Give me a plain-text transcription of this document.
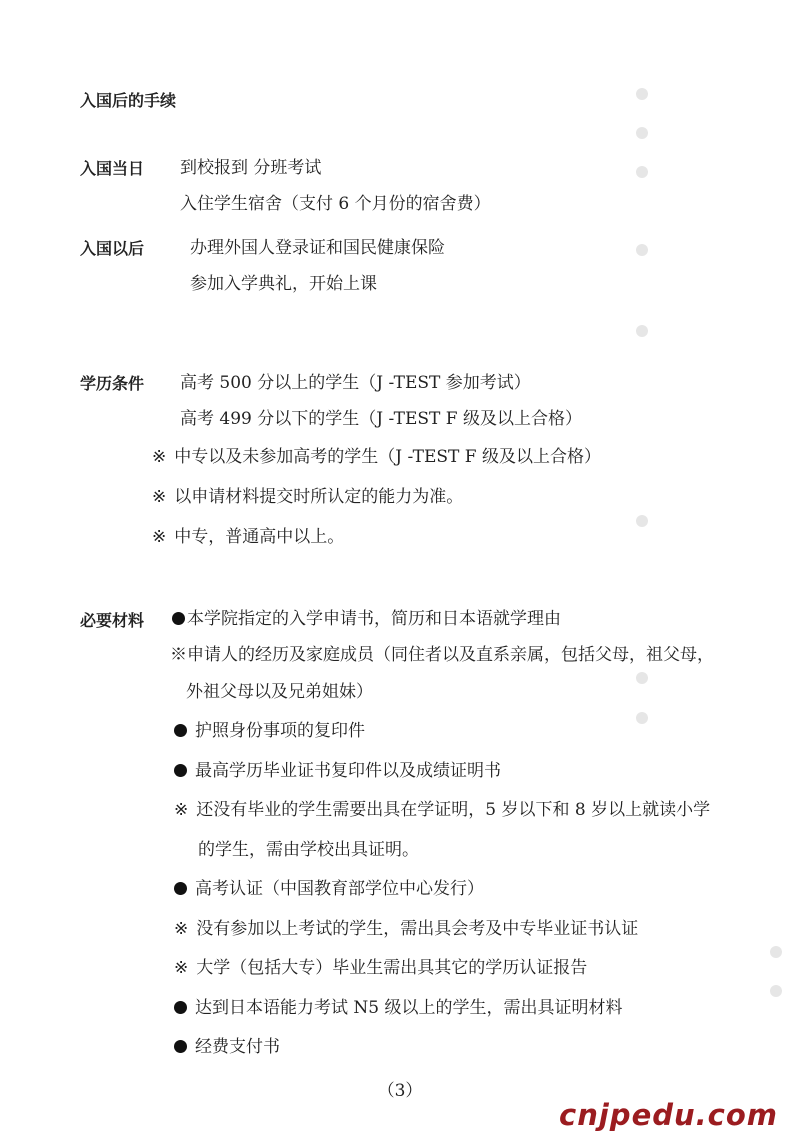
入国后的手续
入国当日 到校报到 分班考试
入住学生宿舍（支付 6 个月份的宿舍费）
入国以后	办理外国人登录证和国民健康保险
参加入学典礼，开始上课
学历条件 高考 500 分以上的学生（J -TEST 参加考试）
高考 499 分以下的学生（J -TEST F 级及以上合格）
※ 中专以及未参加高考的学生（J -TEST F 级及以上合格）
※ 以申请材料提交时所认定的能力为准。
※ 中专，普通高中以上。
必要材料	本学院指定的入学申请书，简历和日本语就学理由
※申请人的经历及家庭成员（同住者以及直系亲属，包括父母，祖父母，
外祖父母以及兄弟姐妹）
护照身份事项的复印件
最高学历毕业证书复印件以及成绩证明书
※ 还没有毕业的学生需要出具在学证明，5 岁以下和 8 岁以上就读小学
的学生，需由学校出具证明。
高考认证（中国教育部学位中心发行）
※ 没有参加以上考试的学生，需出具会考及中专毕业证书认证
※ 大学（包括大专）毕业生需出具其它的学历认证报告
达到日本语能力考试 N5 级以上的学生，需出具证明材料
经费支付书
（3）
cnjpedu.com
